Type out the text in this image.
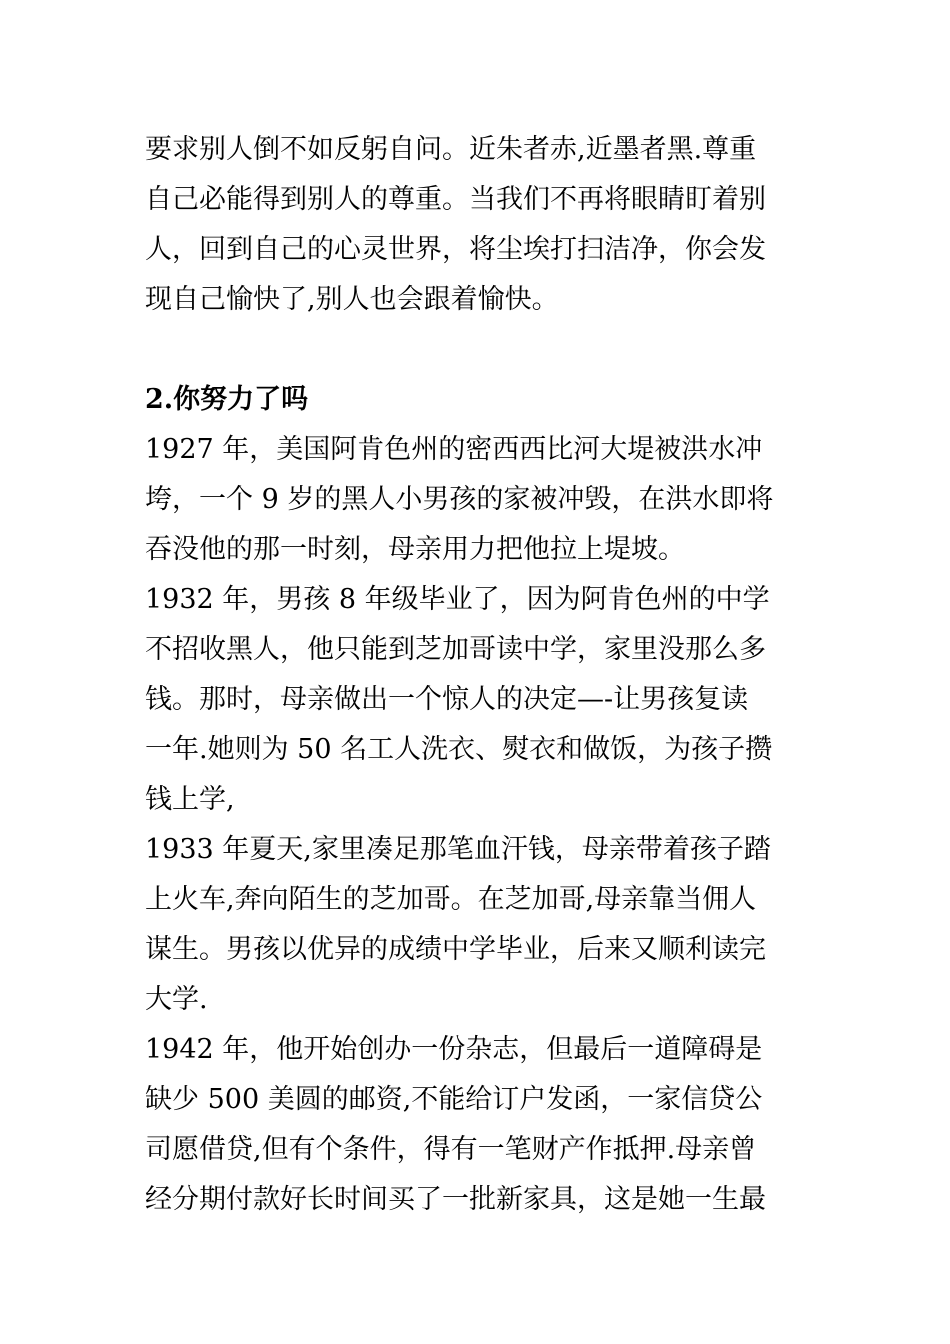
要求别人倒不如反躬自问。近朱者赤,近墨者黑.尊重
自己必能得到别人的尊重。当我们不再将眼睛盯着别
人，回到自己的心灵世界，将尘埃打扫洁净，你会发
现自己愉快了,别人也会跟着愉快。
2.你努力了吗
1927 年，美国阿肯色州的密西西比河大堤被洪水冲
垮，一个 9 岁的黑人小男孩的家被冲毁，在洪水即将
吞没他的那一时刻，母亲用力把他拉上堤坡。
1932 年，男孩 8 年级毕业了，因为阿肯色州的中学
不招收黑人，他只能到芝加哥读中学，家里没那么多
钱。那时，母亲做出一个惊人的决定—-让男孩复读
一年.她则为 50 名工人洗衣、熨衣和做饭，为孩子攒
钱上学,
1933 年夏天,家里凑足那笔血汗钱，母亲带着孩子踏
上火车,奔向陌生的芝加哥。在芝加哥,母亲靠当佣人
谋生。男孩以优异的成绩中学毕业，后来又顺利读完
大学.
1942 年，他开始创办一份杂志，但最后一道障碍是
缺少 500 美圆的邮资,不能给订户发函，一家信贷公
司愿借贷,但有个条件，得有一笔财产作抵押.母亲曾
经分期付款好长时间买了一批新家具，这是她一生最
